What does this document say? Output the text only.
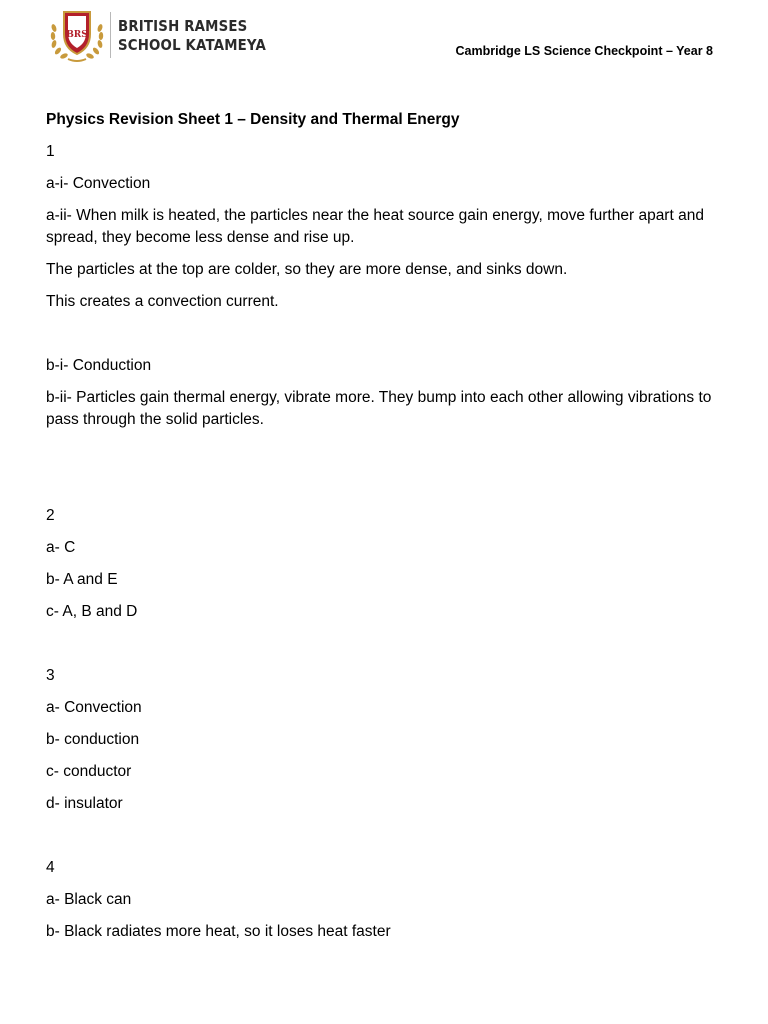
BRS BRITISH RAMSES
SCHOOL KATAMEYA	Cambridge LS Science Checkpoint – Year 8

Physics Revision Sheet 1 – Density and Thermal Energy

1

a-i- Convection

a-ii- When milk is heated, the particles near the heat source gain energy, move further apart and spread, they become less dense and rise up.

The particles at the top are colder, so they are more dense, and sinks down.

This creates a convection current.

b-i- Conduction

b-ii- Particles gain thermal energy, vibrate more. They bump into each other allowing vibrations to pass through the solid particles.

2

a- C

b- A and E

c- A, B and D

3

a- Convection

b- conduction

c- conductor

d- insulator

4

a- Black can

b- Black radiates more heat, so it loses heat faster
